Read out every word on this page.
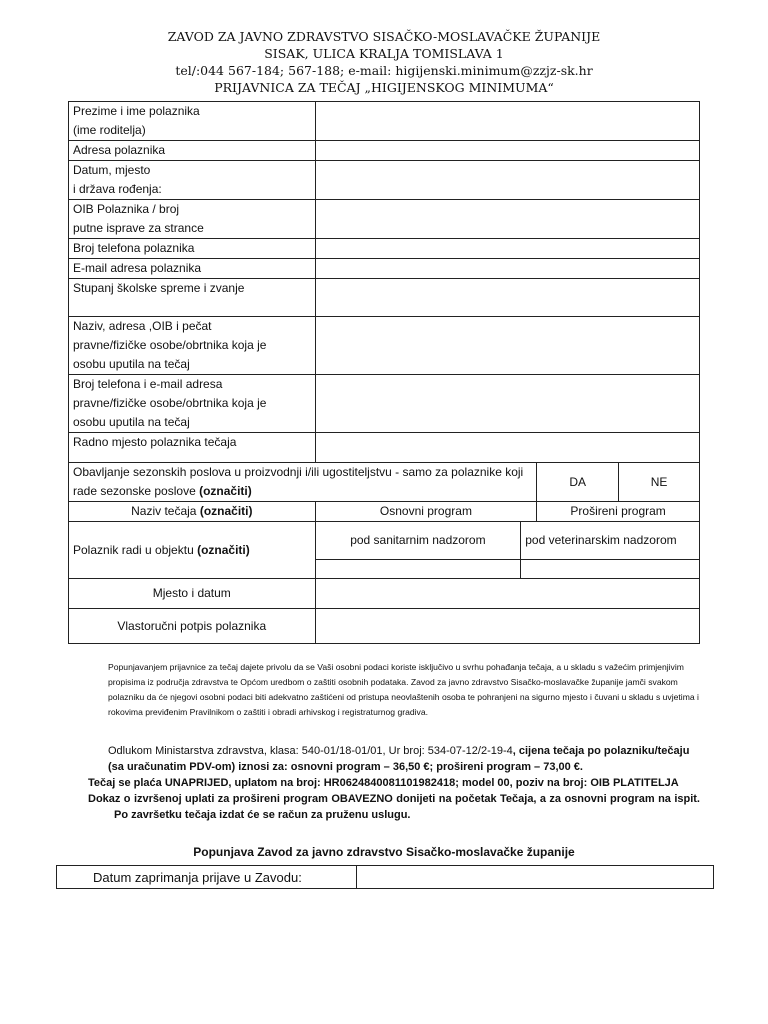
ZAVOD ZA JAVNO ZDRAVSTVO SISAČKO-MOSLAVAČKE ŽUPANIJE
SISAK, ULICA KRALJA TOMISLAVA 1
tel/:044 567-184; 567-188; e-mail: higijenski.minimum@zzjz-sk.hr
PRIJAVNICA ZA TEČAJ „HIGIJENSKOG MINIMUMA“
Prezime i ime polaznika
(ime roditelja)			

Adresa polaznika			

Datum, mjesto
i država rođenja:			

OIB Polaznika / broj
putne isprave za strance			

Broj telefona polaznika			

E-mail adresa polaznika			

Stupanj školske spreme i zvanje			

Naziv, adresa ,OIB i pečat
pravne/fizičke osobe/obrtnika koja je
osobu uputila na tečaj			

Broj telefona i e-mail adresa
pravne/fizičke osobe/obrtnika koja je
osobu uputila na tečaj			

Radno mjesto polaznika tečaja			

Obavljanje sezonskih poslova u proizvodnji i/ili ugostiteljstvu - samo za polaznike koji rade sezonske poslove (označiti)		DA	NE
Naziv tečaja (označiti)	Osnovni program	Prošireni program	
Polaznik radi u objektu (označiti)	pod sanitarnim nadzorom	pod veterinarskim nadzorom

Mjesto i datum		
Vlastoručni potpis polaznika		
Popunjavanjem prijavnice za tečaj dajete privolu da se Vaši osobni podaci koriste isključivo u svrhu pohađanja tečaja, a u skladu s važećim primjenjivim propisima iz područja zdravstva te Općom uredbom o zaštiti osobnih podataka. Zavod za javno zdravstvo Sisačko-moslavačke županije jamči svakom polazniku da će njegovi osobni podaci biti adekvatno zaštićeni od pristupa neovlaštenih osoba te pohranjeni na sigurno mjesto i čuvani u skladu s uvjetima i rokovima previđenim Pravilnikom o zaštiti i obradi arhivskog i registraturnog gradiva.

Odlukom Ministarstva zdravstva, klasa: 540-01/18-01/01, Ur broj: 534-07-12/2-19-4, cijena tečaja po polazniku/tečaju (sa uračunatim PDV-om) iznosi za: osnovni program – 36,50 €; prošireni program – 73,00 €.

Tečaj se plaća UNAPRIJED, uplatom na broj: HR0624840081101982418; model 00, poziv na broj: OIB PLATITELJA

Dokaz o izvršenoj uplati za prošireni program OBAVEZNO donijeti na početak Tečaja, a za osnovni program na ispit. Po završetku tečaja izdat će se račun za pruženu uslugu.

Popunjava Zavod za javno zdravstvo Sisačko-moslavačke županije
Datum zaprimanja prijave u Zavodu:	
